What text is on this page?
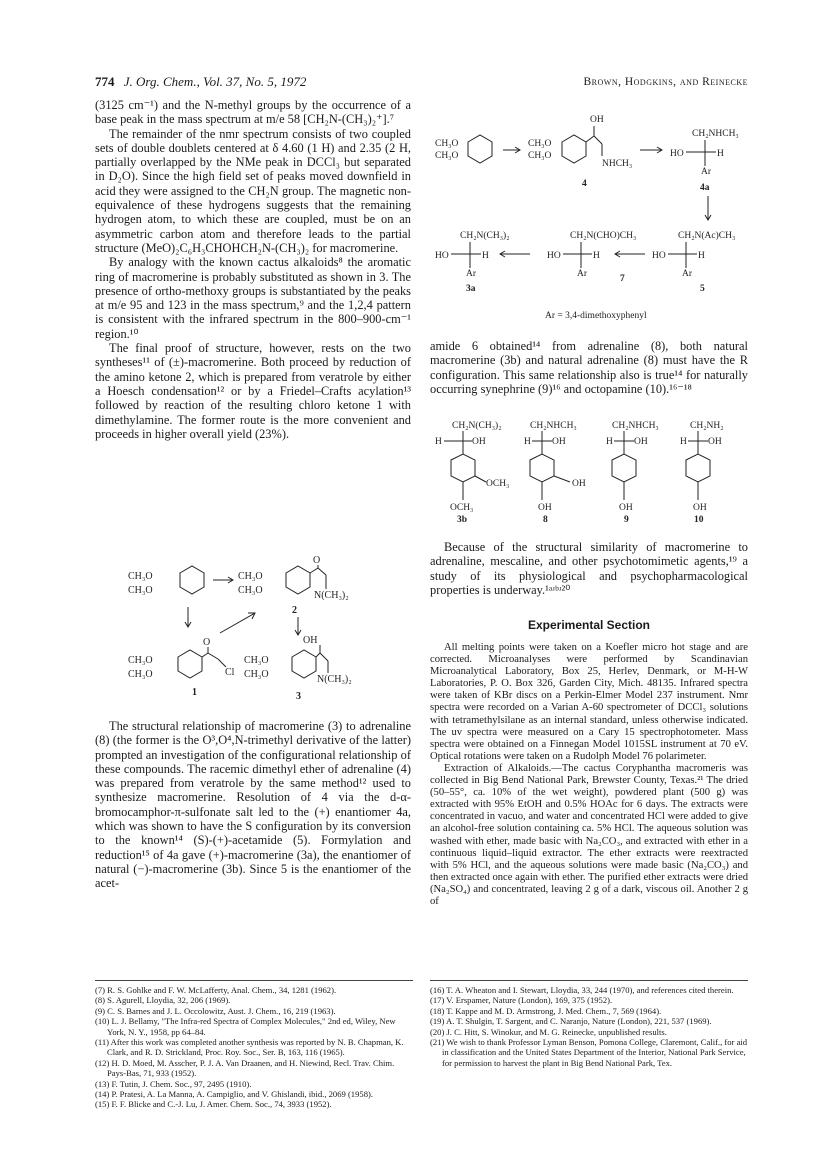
774 J. Org. Chem., Vol. 37, No. 5, 1972	Brown, Hodgkins, and Reinecke

(3125 cm⁻¹) and the N-methyl groups by the occurrence of a base peak in the mass spectrum at m/e 58 [CH₂N-(CH₃)₂⁺].⁷

The remainder of the nmr spectrum consists of two coupled sets of double doublets centered at δ 4.60 (1 H) and 2.35 (2 H, partially overlapped by the NMe peak in DCCl₃ but separated in D₂O). Since the high field set of peaks moved downfield in acid they were assigned to the CH₂N group. The magnetic non-equivalence of these hydrogens suggests that the remaining hydrogen atom, to which these are coupled, must be on an asymmetric carbon atom and therefore leads to the partial structure (MeO)₂C₆H₃CHOHCH₂N-(CH₃)₂ for macromerine.

By analogy with the known cactus alkaloids⁸ the aromatic ring of macromerine is probably substituted as shown in 3. The presence of ortho-methoxy groups is substantiated by the peaks at m/e 95 and 123 in the mass spectrum,⁹ and the 1,2,4 pattern is consistent with the infrared spectrum in the 800–900-cm⁻¹ region.¹⁰

The final proof of structure, however, rests on the two syntheses¹¹ of (±)-macromerine. Both proceed by reduction of the amino ketone 2, which is prepared from veratrole by either a Hoesch condensation¹² or by a Friedel–Crafts acylation¹³ followed by reaction of the resulting chloro ketone 1 with dimethylamine. The former route is the more convenient and proceeds in higher overall yield (23%).

CH₃O
CH₃O
CH₃O
CH₃O
O
N(CH₃)₂
2
CH₃O
CH₃O
O
Cl
1
CH₃O
CH₃O
OH
N(CH₃)₂
3

The structural relationship of macromerine (3) to adrenaline (8) (the former is the O³,O⁴,N-trimethyl derivative of the latter) prompted an investigation of the configurational relationship of these compounds. The racemic dimethyl ether of adrenaline (4) was prepared from veratrole by the same method¹² used to synthesize macromerine. Resolution of 4 via the d-α-bromocamphor-π-sulfonate salt led to the (+) enantiomer 4a, which was shown to have the S configuration by its conversion to the known¹⁴ (S)-(+)-acetamide (5). Formylation and reduction¹⁵ of 4a gave (+)-macromerine (3a), the enantiomer of natural (−)-macromerine (3b). Since 5 is the enantiomer of the acet-

CH₃O
CH₃O
CH₃O
CH₃O
OH
NHCH₃
4
CH₂NHCH₃
HO	H
Ar
4a
CH₂N(CH₃)₂
HO	H
Ar
3a
CH₂N(CHO)CH₃
HO	H
Ar	7
CH₂N(Ac)CH₃
HO	H
Ar
5
Ar = 3,4-dimethoxyphenyl

amide 6 obtained¹⁴ from adrenaline (8), both natural macromerine (3b) and natural adrenaline (8) must have the R configuration. This same relationship also is true¹⁴ for naturally occurring synephrine (9)¹⁶ and octopamine (10).¹⁶⁻¹⁸

CH₂N(CH₃)₂
H	OH
OCH₃
OCH₃
3b
CH₂NHCH₃
H OH
OH
OH
8
CH₂NHCH₃
H OH
OH
9
CH₂NH₂
H OH
OH
10

Because of the structural similarity of macromerine to adrenaline, mescaline, and other psychotomimetic agents,¹⁹ a study of its physiological and psychopharmacological properties is underway.¹ᵃʴᵇʴ²⁰

Experimental Section

All melting points were taken on a Koefler micro hot stage and are corrected. Microanalyses were performed by Scandinavian Microanalytical Laboratory, Box 25, Herlev, Denmark, or M-H-W Laboratories, P. O. Box 326, Garden City, Mich. 48135. Infrared spectra were taken of KBr discs on a Perkin-Elmer Model 237 instrument. Nmr spectra were recorded on a Varian A-60 spectrometer of DCCl₃ solutions with tetramethylsilane as an internal standard, unless otherwise indicated. The uv spectra were measured on a Cary 15 spectrophotometer. Mass spectra were obtained on a Finnegan Model 1015SL instrument at 70 eV. Optical rotations were taken on a Rudolph Model 76 polarimeter.

Extraction of Alkaloids.—The cactus Coryphantha macromeris was collected in Big Bend National Park, Brewster County, Texas.²¹ The dried (50–55°, ca. 10% of the wet weight), powdered plant (500 g) was extracted with 95% EtOH and 0.5% HOAc for 6 days. The extracts were concentrated in vacuo, and water and concentrated HCl were added to give an alcohol-free solution containing ca. 5% HCl. The aqueous solution was washed with ether, made basic with Na₂CO₃, and extracted with ether in a continuous liquid–liquid extractor. The ether extracts were reextracted with 5% HCl, and the aqueous solutions were made basic (Na₂CO₃) and then extracted once again with ether. The purified ether extracts were dried (Na₂SO₄) and concentrated, leaving 2 g of a dark, viscous oil. Another 2 g of

(7) R. S. Gohlke and F. W. McLafferty, Anal. Chem., 34, 1281 (1962).

(8) S. Agurell, Lloydia, 32, 206 (1969).

(9) C. S. Barnes and J. L. Occolowitz, Aust. J. Chem., 16, 219 (1963).

(10) L. J. Bellamy, "The Infra-red Spectra of Complex Molecules," 2nd ed, Wiley, New York, N. Y., 1958, pp 64–84.

(11) After this work was completed another synthesis was reported by N. B. Chapman, K. Clark, and R. D. Strickland, Proc. Roy. Soc., Ser. B, 163, 116 (1965).

(12) H. D. Moed, M. Asscher, P. J. A. Van Draanen, and H. Niewind, Recl. Trav. Chim. Pays-Bas, 71, 933 (1952).

(13) F. Tutin, J. Chem. Soc., 97, 2495 (1910).

(14) P. Pratesi, A. La Manna, A. Campiglio, and V. Ghislandi, ibid., 2069 (1958).

(15) F. F. Blicke and C.-J. Lu, J. Amer. Chem. Soc., 74, 3933 (1952).

(16) T. A. Wheaton and I. Stewart, Lloydia, 33, 244 (1970), and references cited therein.

(17) V. Erspamer, Nature (London), 169, 375 (1952).

(18) T. Kappe and M. D. Armstrong, J. Med. Chem., 7, 569 (1964).

(19) A. T. Shulgin, T. Sargent, and C. Naranjo, Nature (London), 221, 537 (1969).

(20) J. C. Hitt, S. Winokur, and M. G. Reinecke, unpublished results.

(21) We wish to thank Professor Lyman Benson, Pomona College, Claremont, Calif., for aid in classification and the United States Department of the Interior, National Park Service, for permission to harvest the plant in Big Bend National Park, Tex.
